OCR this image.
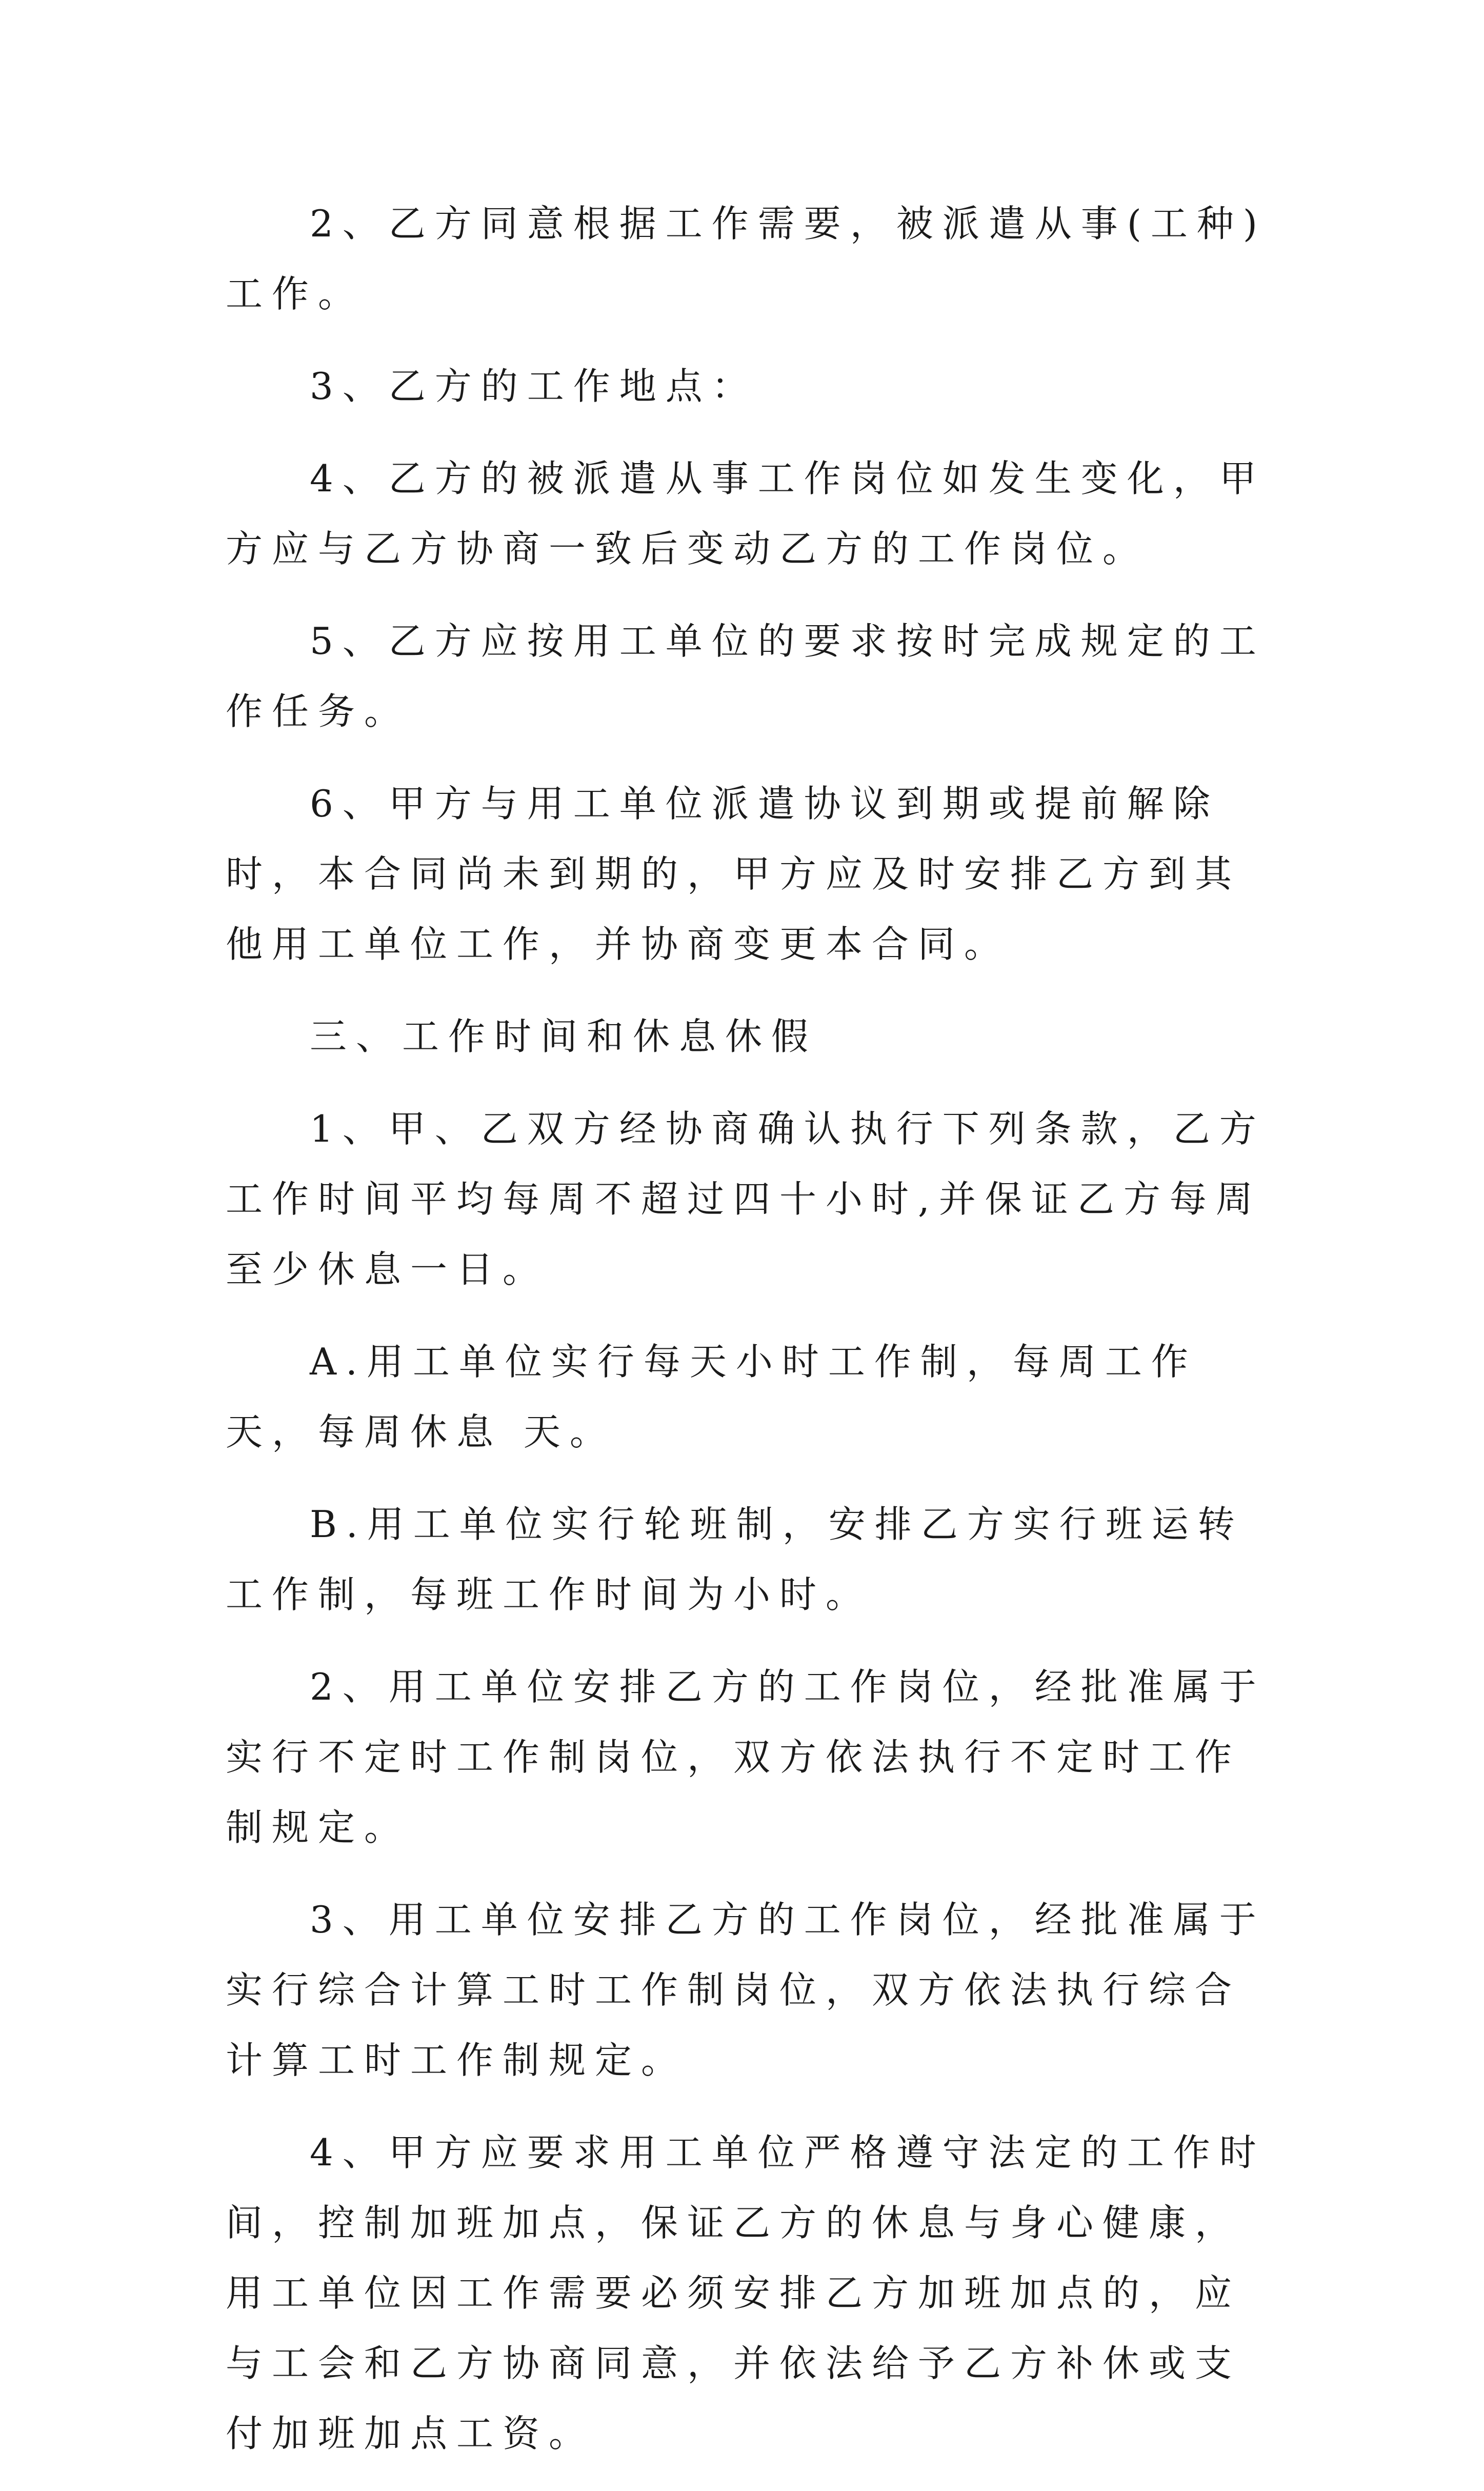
2、乙方同意根据工作需要，被派遣从事(工种)工作。

3、乙方的工作地点：

4、乙方的被派遣从事工作岗位如发生变化，甲方应与乙方协商一致后变动乙方的工作岗位。

5、乙方应按用工单位的要求按时完成规定的工作任务。

6、甲方与用工单位派遣协议到期或提前解除时，本合同尚未到期的，甲方应及时安排乙方到其他用工单位工作，并协商变更本合同。

三、工作时间和休息休假

1、甲、乙双方经协商确认执行下列条款，乙方工作时间平均每周不超过四十小时,并保证乙方每周至少休息一日。

A.用工单位实行每天小时工作制，每周工作天，每周休息 天。

B.用工单位实行轮班制，安排乙方实行班运转工作制，每班工作时间为小时。

2、用工单位安排乙方的工作岗位，经批准属于实行不定时工作制岗位，双方依法执行不定时工作制规定。

3、用工单位安排乙方的工作岗位，经批准属于实行综合计算工时工作制岗位，双方依法执行综合计算工时工作制规定。

4、甲方应要求用工单位严格遵守法定的工作时间，控制加班加点，保证乙方的休息与身心健康，用工单位因工作需要必须安排乙方加班加点的，应与工会和乙方协商同意，并依法给予乙方补休或支付加班加点工资。
